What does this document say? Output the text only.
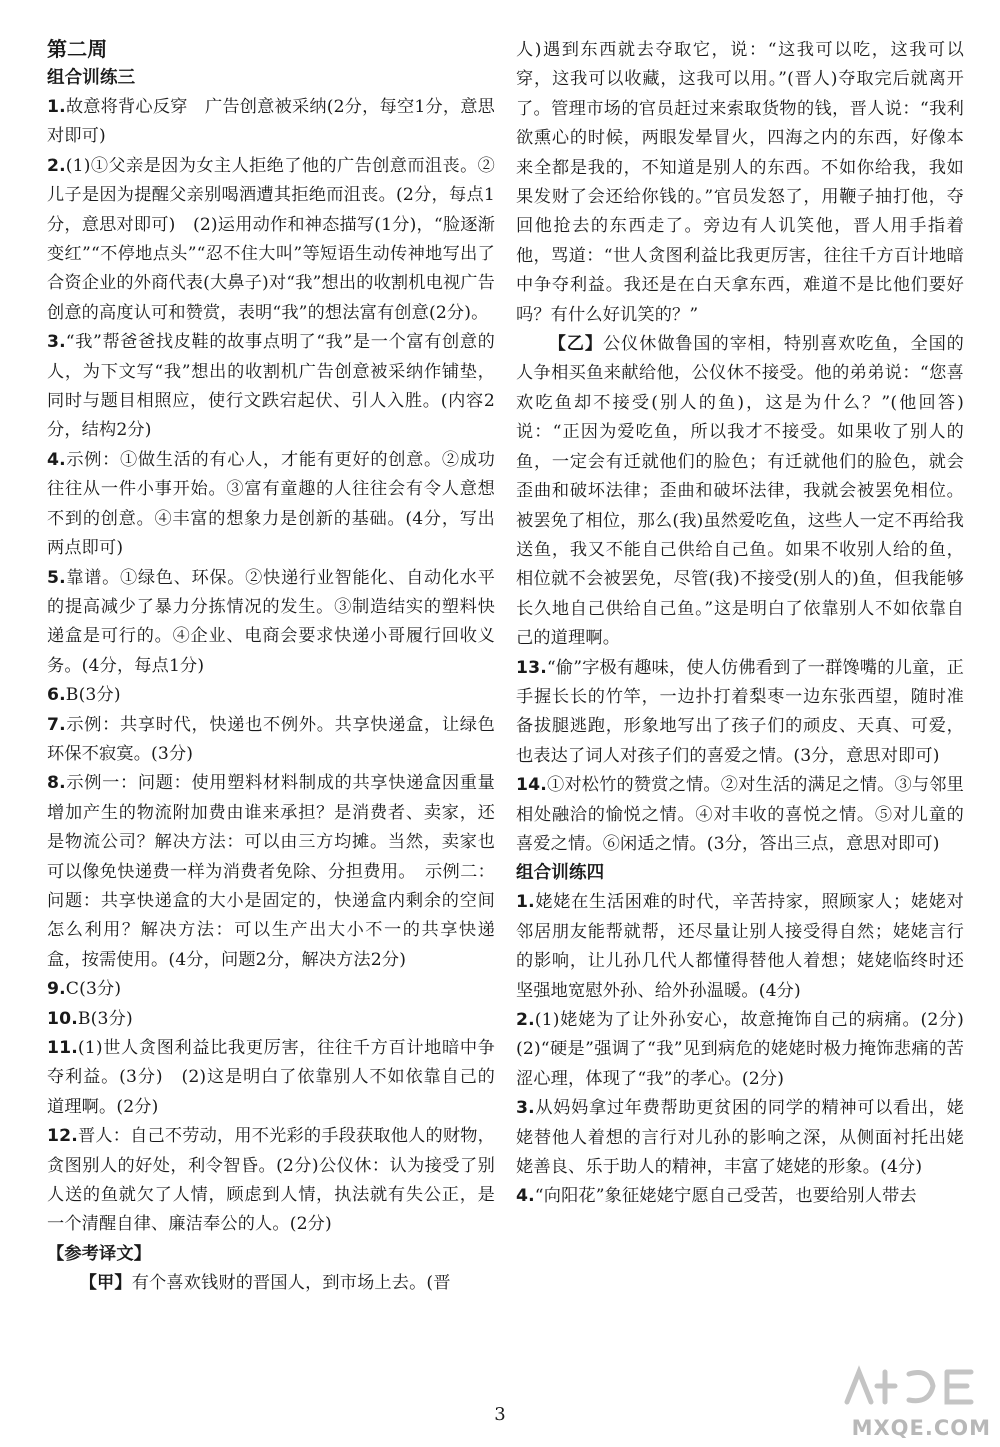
第二周

组合训练三

1.故意将背心反穿　广告创意被采纳(2分，每空1分，意思对即可)

2.(1)①父亲是因为女主人拒绝了他的广告创意而沮丧。②儿子是因为提醒父亲别喝酒遭其拒绝而沮丧。(2分，每点1分，意思对即可)　(2)运用动作和神态描写(1分)，“脸逐渐变红”“不停地点头”“忍不住大叫”等短语生动传神地写出了合资企业的外商代表(大鼻子)对“我”想出的收割机电视广告创意的高度认可和赞赏，表明“我”的想法富有创意(2分)。

3.“我”帮爸爸找皮鞋的故事点明了“我”是一个富有创意的人，为下文写“我”想出的收割机广告创意被采纳作铺垫，同时与题目相照应，使行文跌宕起伏、引人入胜。(内容2分，结构2分)

4.示例：①做生活的有心人，才能有更好的创意。②成功往往从一件小事开始。③富有童趣的人往往会有令人意想不到的创意。④丰富的想象力是创新的基础。(4分，写出两点即可)

5.靠谱。①绿色、环保。②快递行业智能化、自动化水平的提高减少了暴力分拣情况的发生。③制造结实的塑料快递盒是可行的。④企业、电商会要求快递小哥履行回收义务。(4分，每点1分)

6.B(3分)

7.示例：共享时代，快递也不例外。共享快递盒，让绿色环保不寂寞。(3分)

8.示例一：问题：使用塑料材料制成的共享快递盒因重量增加产生的物流附加费由谁来承担？是消费者、卖家，还是物流公司？解决方法：可以由三方均摊。当然，卖家也可以像免快递费一样为消费者免除、分担费用。　示例二：问题：共享快递盒的大小是固定的，快递盒内剩余的空间怎么利用？解决方法：可以生产出大小不一的共享快递盒，按需使用。(4分，问题2分，解决方法2分)

9.C(3分)

10.B(3分)

11.(1)世人贪图利益比我更厉害，往往千方百计地暗中争夺利益。(3分)　(2)这是明白了依靠别人不如依靠自己的道理啊。(2分)

12.晋人：自己不劳动，用不光彩的手段获取他人的财物，贪图别人的好处，利令智昏。(2分)公仪休：认为接受了别人送的鱼就欠了人情，顾虑到人情，执法就有失公正，是一个清醒自律、廉洁奉公的人。(2分)

【参考译文】

【甲】有个喜欢钱财的晋国人，到市场上去。(晋

人)遇到东西就去夺取它，说：“这我可以吃，这我可以穿，这我可以收藏，这我可以用。”(晋人)夺取完后就离开了。管理市场的官员赶过来索取货物的钱，晋人说：“我利欲熏心的时候，两眼发晕冒火，四海之内的东西，好像本来全都是我的，不知道是别人的东西。不如你给我，我如果发财了会还给你钱的。”官员发怒了，用鞭子抽打他，夺回他抢去的东西走了。旁边有人讥笑他，晋人用手指着他，骂道：“世人贪图利益比我更厉害，往往千方百计地暗中争夺利益。我还是在白天拿东西，难道不是比他们要好吗？有什么好讥笑的？”

【乙】公仪休做鲁国的宰相，特别喜欢吃鱼，全国的人争相买鱼来献给他，公仪休不接受。他的弟弟说：“您喜欢吃鱼却不接受(别人的鱼)，这是为什么？”(他回答)说：“正因为爱吃鱼，所以我才不接受。如果收了别人的鱼，一定会有迁就他们的脸色；有迁就他们的脸色，就会歪曲和破坏法律；歪曲和破坏法律，我就会被罢免相位。被罢免了相位，那么(我)虽然爱吃鱼，这些人一定不再给我送鱼，我又不能自己供给自己鱼。如果不收别人给的鱼，相位就不会被罢免，尽管(我)不接受(别人的)鱼，但我能够长久地自己供给自己鱼。”这是明白了依靠别人不如依靠自己的道理啊。

13.“偷”字极有趣味，使人仿佛看到了一群馋嘴的儿童，正手握长长的竹竿，一边扑打着梨枣一边东张西望，随时准备拔腿逃跑，形象地写出了孩子们的顽皮、天真、可爱，也表达了词人对孩子们的喜爱之情。(3分，意思对即可)

14.①对松竹的赞赏之情。②对生活的满足之情。③与邻里相处融洽的愉悦之情。④对丰收的喜悦之情。⑤对儿童的喜爱之情。⑥闲适之情。(3分，答出三点，意思对即可)

组合训练四

1.姥姥在生活困难的时代，辛苦持家，照顾家人；姥姥对邻居朋友能帮就帮，还尽量让别人接受得自然；姥姥言行的影响，让儿孙几代人都懂得替他人着想；姥姥临终时还坚强地宽慰外孙、给外孙温暖。(4分)

2.(1)姥姥为了让外孙安心，故意掩饰自己的病痛。(2分)　(2)“硬是”强调了“我”见到病危的姥姥时极力掩饰悲痛的苦涩心理，体现了“我”的孝心。(2分)

3.从妈妈拿过年费帮助更贫困的同学的精神可以看出，姥姥替他人着想的言行对儿孙的影响之深，从侧面衬托出姥姥善良、乐于助人的精神，丰富了姥姥的形象。(4分)

4.“向阳花”象征姥姥宁愿自己受苦，也要给别人带去

3
MXQE.COM
